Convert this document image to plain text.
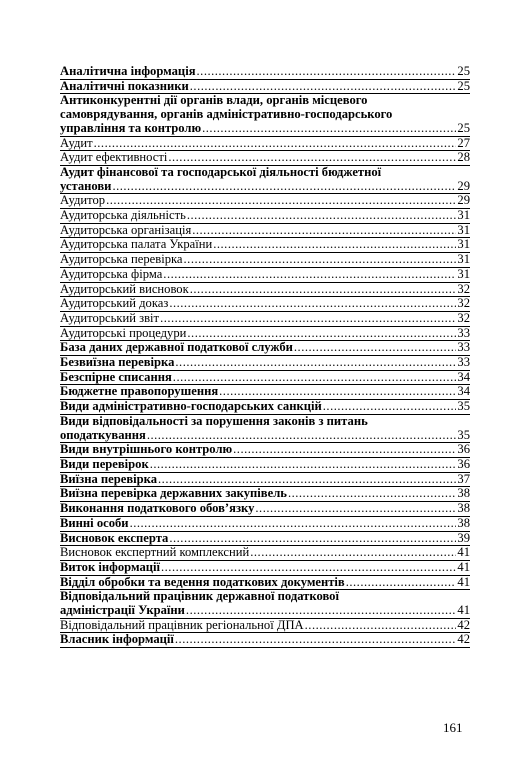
Аналітична інформація .....	25
Аналітичні показники .....	25
Антиконкурентні дії органів влади, органів місцевого
самоврядування, органів адміністративно-господарського
управління та контролю .....	25
Аудит .....	27
Аудит ефективності .....	28
Аудит фінансової та господарської діяльності бюджетної
установи .....	29
Аудитор .....	29
Аудиторська діяльність .....	31
Аудиторська організація .....	31
Аудиторська палата України .....	31
Аудиторська перевірка .....	31
Аудиторська фірма .....	31
Аудиторський висновок .....	32
Аудиторський доказ .....	32
Аудиторський звіт .....	32
Аудиторські процедури .....	33
База даних державної податкової служби .....	33
Безвиїзна перевірка .....	33
Безспірне списання .....	34
Бюджетне правопорушення .....	34
Види адміністративно-господарських санкцій .....	35
Види відповідальності за порушення законів з питань
оподаткування .....	35
Види внутрішнього контролю .....	36
Види перевірок .....	36
Виїзна перевірка .....	37
Виїзна перевірка державних закупівель .....	38
Виконання податкового обов’язку .....	38
Винні особи .....	38
Висновок експерта .....	39
Висновок експертний комплексний .....	41
Виток інформації .....	41
Відділ обробки та ведення податкових документів .....	41
Відповідальний працівник державної податкової
адміністрації України .....	41
Відповідальний працівник регіональної ДПА .....	42
Власник інформації .....	42
161
